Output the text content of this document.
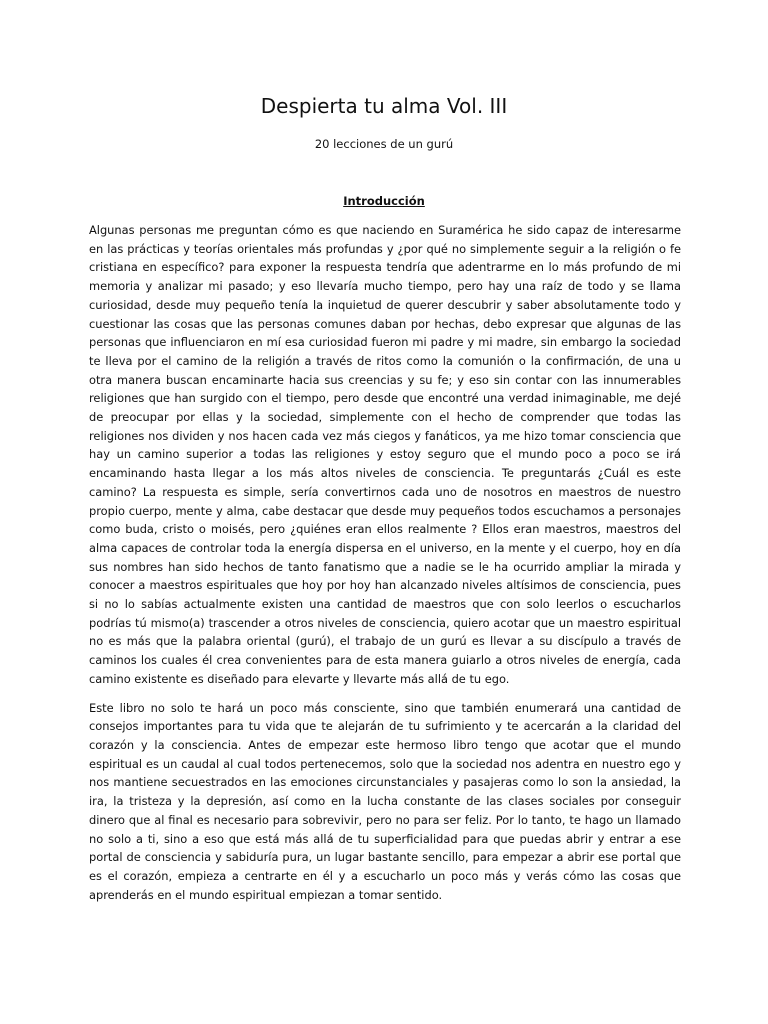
Despierta tu alma Vol. III
20 lecciones de un gurú
Introducción

Algunas personas me preguntan cómo es que naciendo en Suramérica he sido capaz de interesarme en las prácticas y teorías orientales más profundas y ¿por qué no simplemente seguir a la religión o fe cristiana en específico? para exponer la respuesta tendría que adentrarme en lo más profundo de mi memoria y analizar mi pasado; y eso llevaría mucho tiempo, pero hay una raíz de todo y se llama curiosidad, desde muy pequeño tenía la inquietud de querer descubrir y saber absolutamente todo y cuestionar las cosas que las personas comunes daban por hechas, debo expresar que algunas de las personas que influenciaron en mí esa curiosidad fueron mi padre y mi madre, sin embargo la sociedad te lleva por el camino de la religión a través de ritos como la comunión o la confirmación, de una u otra manera buscan encaminarte hacia sus creencias y su fe; y eso sin contar con las innumerables religiones que han surgido con el tiempo, pero desde que encontré una verdad inimaginable, me dejé de preocupar por ellas y la sociedad, simplemente con el hecho de comprender que todas las religiones nos dividen y nos hacen cada vez más ciegos y fanáticos, ya me hizo tomar consciencia que hay un camino superior a todas las religiones y estoy seguro que el mundo poco a poco se irá encaminando hasta llegar a los más altos niveles de consciencia. Te preguntarás ¿Cuál es este camino? La respuesta es simple, sería convertirnos cada uno de nosotros en maestros de nuestro propio cuerpo, mente y alma, cabe destacar que desde muy pequeños todos escuchamos a personajes como buda, cristo o moisés, pero ¿quiénes eran ellos realmente ? Ellos eran maestros, maestros del alma capaces de controlar toda la energía dispersa en el universo, en la mente y el cuerpo, hoy en día sus nombres han sido hechos de tanto fanatismo que a nadie se le ha ocurrido ampliar la mirada y conocer a maestros espirituales que hoy por hoy han alcanzado niveles altísimos de consciencia, pues si no lo sabías actualmente existen una cantidad de maestros que con solo leerlos o escucharlos podrías tú mismo(a) trascender a otros niveles de consciencia, quiero acotar que un maestro espiritual no es más que la palabra oriental (gurú), el trabajo de un gurú es llevar a su discípulo a través de caminos los cuales él crea convenientes para de esta manera guiarlo a otros niveles de energía, cada camino existente es diseñado para elevarte y llevarte más allá de tu ego.

Este libro no solo te hará un poco más consciente, sino que también enumerará una cantidad de consejos importantes para tu vida que te alejarán de tu sufrimiento y te acercarán a la claridad del corazón y la consciencia. Antes de empezar este hermoso libro tengo que acotar que el mundo espiritual es un caudal al cual todos pertenecemos, solo que la sociedad nos adentra en nuestro ego y nos mantiene secuestrados en las emociones circunstanciales y pasajeras como lo son la ansiedad, la ira, la tristeza y la depresión, así como en la lucha constante de las clases sociales por conseguir dinero que al final es necesario para sobrevivir, pero no para ser feliz. Por lo tanto, te hago un llamado no solo a ti, sino a eso que está más allá de tu superficialidad para que puedas abrir y entrar a ese portal de consciencia y sabiduría pura, un lugar bastante sencillo, para empezar a abrir ese portal que es el corazón, empieza a centrarte en él y a escucharlo un poco más y verás cómo las cosas que aprenderás en el mundo espiritual empiezan a tomar sentido.
